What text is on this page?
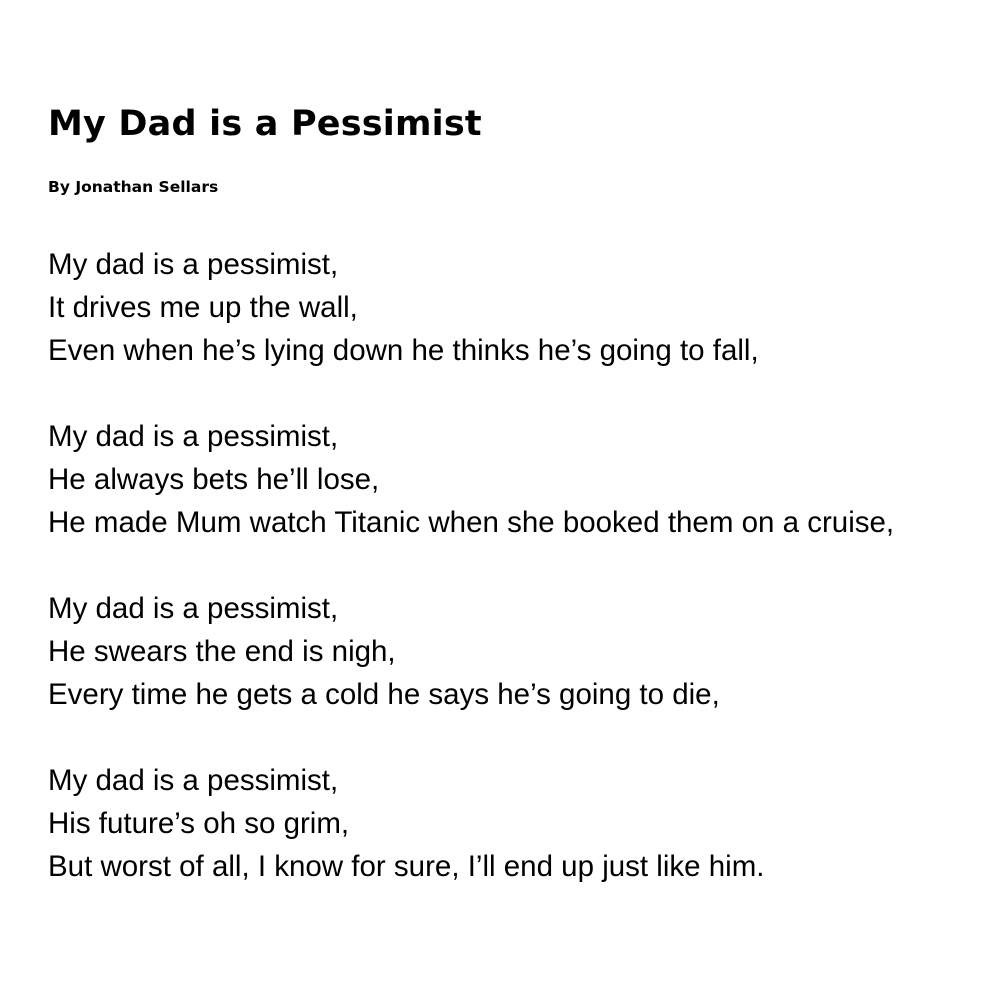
My Dad is a Pessimist

By Jonathan Sellars

My dad is a pessimist,
It drives me up the wall,
Even when he’s lying down he thinks he’s going to fall,
My dad is a pessimist,
He always bets he’ll lose,
He made Mum watch Titanic when she booked them on a cruise,
My dad is a pessimist,
He swears the end is nigh,
Every time he gets a cold he says he’s going to die,
My dad is a pessimist,
His future’s oh so grim,
But worst of all, I know for sure, I’ll end up just like him.
